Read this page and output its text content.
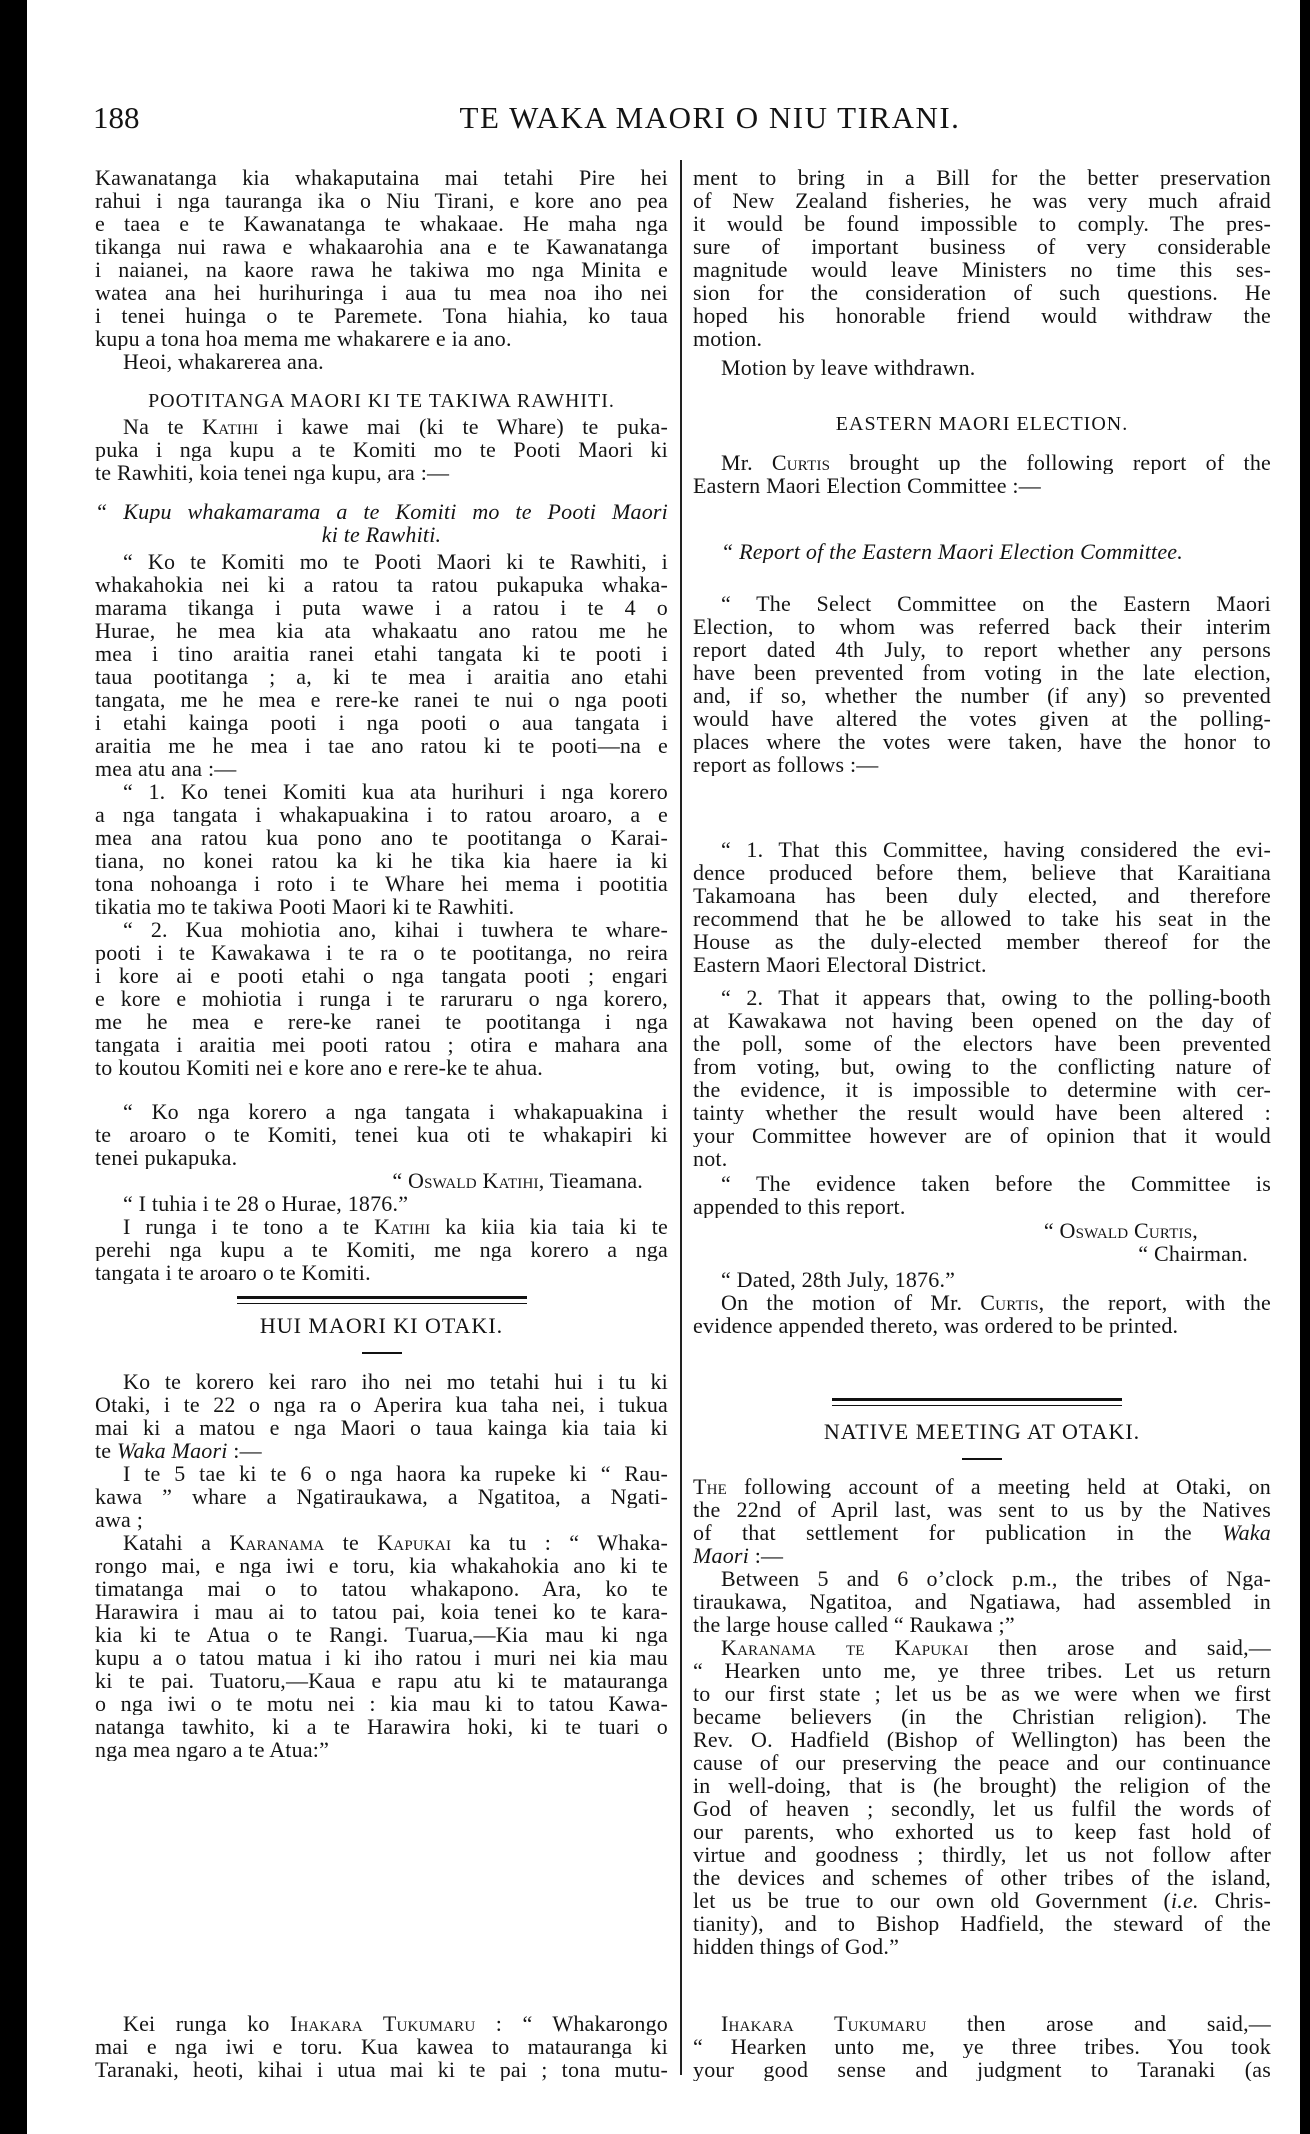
188	TE WAKA MAORI O NIU TIRANI.
Kawanatanga kia whakaputaina mai tetahi Pire hei
rahui i nga tauranga ika o Niu Tirani, e kore ano pea
e taea e te Kawanatanga te whakaae. He maha nga
tikanga nui rawa e whakaarohia ana e te Kawanatanga
i naianei, na kaore rawa he takiwa mo nga Minita e
watea ana hei hurihuringa i aua tu mea noa iho nei
i tenei huinga o te Paremete. Tona hiahia, ko taua
kupu a tona hoa mema me whakarere e ia ano.
Heoi, whakarerea ana.
POOTITANGA MAORI KI TE TAKIWA RAWHITI.
Na te Katihi i kawe mai (ki te Whare) te puka-
puka i nga kupu a te Komiti mo te Pooti Maori ki
te Rawhiti, koia tenei nga kupu, ara :—
“ Kupu whakamarama a te Komiti mo te Pooti Maori
ki te Rawhiti.
“ Ko te Komiti mo te Pooti Maori ki te Rawhiti, i
whakahokia nei ki a ratou ta ratou pukapuka whaka-
marama tikanga i puta wawe i a ratou i te 4 o
Hurae, he mea kia ata whakaatu ano ratou me he
mea i tino araitia ranei etahi tangata ki te pooti i
taua pootitanga ; a, ki te mea i araitia ano etahi
tangata, me he mea e rere-ke ranei te nui o nga pooti
i etahi kainga pooti i nga pooti o aua tangata i
araitia me he mea i tae ano ratou ki te pooti—na e
mea atu ana :—
“ 1. Ko tenei Komiti kua ata hurihuri i nga korero
a nga tangata i whakapuakina i to ratou aroaro, a e
mea ana ratou kua pono ano te pootitanga o Karai-
tiana, no konei ratou ka ki he tika kia haere ia ki
tona nohoanga i roto i te Whare hei mema i pootitia
tikatia mo te takiwa Pooti Maori ki te Rawhiti.
“ 2. Kua mohiotia ano, kihai i tuwhera te whare-
pooti i te Kawakawa i te ra o te pootitanga, no reira
i kore ai e pooti etahi o nga tangata pooti ; engari
e kore e mohiotia i runga i te raruraru o nga korero,
me he mea e rere-ke ranei te pootitanga i nga
tangata i araitia mei pooti ratou ; otira e mahara ana
to koutou Komiti nei e kore ano e rere-ke te ahua.
“ Ko nga korero a nga tangata i whakapuakina i
te aroaro o te Komiti, tenei kua oti te whakapiri ki
tenei pukapuka.
“ Oswald Katihi, Tieamana.
“ I tuhia i te 28 o Hurae, 1876.”
I runga i te tono a te Katihi ka kiia kia taia ki te
perehi nga kupu a te Komiti, me nga korero a nga
tangata i te aroaro o te Komiti.
HUI MAORI KI OTAKI.
Ko te korero kei raro iho nei mo tetahi hui i tu ki
Otaki, i te 22 o nga ra o Aperira kua taha nei, i tukua
mai ki a matou e nga Maori o taua kainga kia taia ki
te Waka Maori :—
I te 5 tae ki te 6 o nga haora ka rupeke ki “ Rau-
kawa ” whare a Ngatiraukawa, a Ngatitoa, a Ngati-
awa ;
Katahi a Karanama te Kapukai ka tu : “ Whaka-
rongo mai, e nga iwi e toru, kia whakahokia ano ki te
timatanga mai o to tatou whakapono. Ara, ko te
Harawira i mau ai to tatou pai, koia tenei ko te kara-
kia ki te Atua o te Rangi. Tuarua,—Kia mau ki nga
kupu a o tatou matua i ki iho ratou i muri nei kia mau
ki te pai. Tuatoru,—Kaua e rapu atu ki te matauranga
o nga iwi o te motu nei : kia mau ki to tatou Kawa-
natanga tawhito, ki a te Harawira hoki, ki te tuari o
nga mea ngaro a te Atua:”
Kei runga ko Ihakara Tukumaru : “ Whakarongo
mai e nga iwi e toru. Kua kawea to matauranga ki
Taranaki, heoti, kihai i utua mai ki te pai ; tona mutu-
ment to bring in a Bill for the better preservation
of New Zealand fisheries, he was very much afraid
it would be found impossible to comply. The pres-
sure of important business of very considerable
magnitude would leave Ministers no time this ses-
sion for the consideration of such questions. He
hoped his honorable friend would withdraw the
motion.
Motion by leave withdrawn.
EASTERN MAORI ELECTION.
Mr. Curtis brought up the following report of the
Eastern Maori Election Committee :—
“ Report of the Eastern Maori Election Committee.
“ The Select Committee on the Eastern Maori
Election, to whom was referred back their interim
report dated 4th July, to report whether any persons
have been prevented from voting in the late election,
and, if so, whether the number (if any) so prevented
would have altered the votes given at the polling-
places where the votes were taken, have the honor to
report as follows :—
“ 1. That this Committee, having considered the evi-
dence produced before them, believe that Karaitiana
Takamoana has been duly elected, and therefore
recommend that he be allowed to take his seat in the
House as the duly-elected member thereof for the
Eastern Maori Electoral District.
“ 2. That it appears that, owing to the polling-booth
at Kawakawa not having been opened on the day of
the poll, some of the electors have been prevented
from voting, but, owing to the conflicting nature of
the evidence, it is impossible to determine with cer-
tainty whether the result would have been altered :
your Committee however are of opinion that it would
not.
“ The evidence taken before the Committee is
appended to this report.
“ Oswald Curtis,
“ Chairman.
“ Dated, 28th July, 1876.”
On the motion of Mr. Curtis, the report, with the
evidence appended thereto, was ordered to be printed.
NATIVE MEETING AT OTAKI.
The following account of a meeting held at Otaki, on
the 22nd of April last, was sent to us by the Natives
of that settlement for publication in the Waka
Maori :—
Between 5 and 6 o’clock p.m., the tribes of Nga-
tiraukawa, Ngatitoa, and Ngatiawa, had assembled in
the large house called “ Raukawa ;”
Karanama te Kapukai then arose and said,—
“ Hearken unto me, ye three tribes. Let us return
to our first state ; let us be as we were when we first
became believers (in the Christian religion). The
Rev. O. Hadfield (Bishop of Wellington) has been the
cause of our preserving the peace and our continuance
in well-doing, that is (he brought) the religion of the
God of heaven ; secondly, let us fulfil the words of
our parents, who exhorted us to keep fast hold of
virtue and goodness ; thirdly, let us not follow after
the devices and schemes of other tribes of the island,
let us be true to our own old Government (i.e. Chris-
tianity), and to Bishop Hadfield, the steward of the
hidden things of God.”
Ihakara Tukumaru then arose and said,—
“ Hearken unto me, ye three tribes. You took
your good sense and judgment to Taranaki (as
